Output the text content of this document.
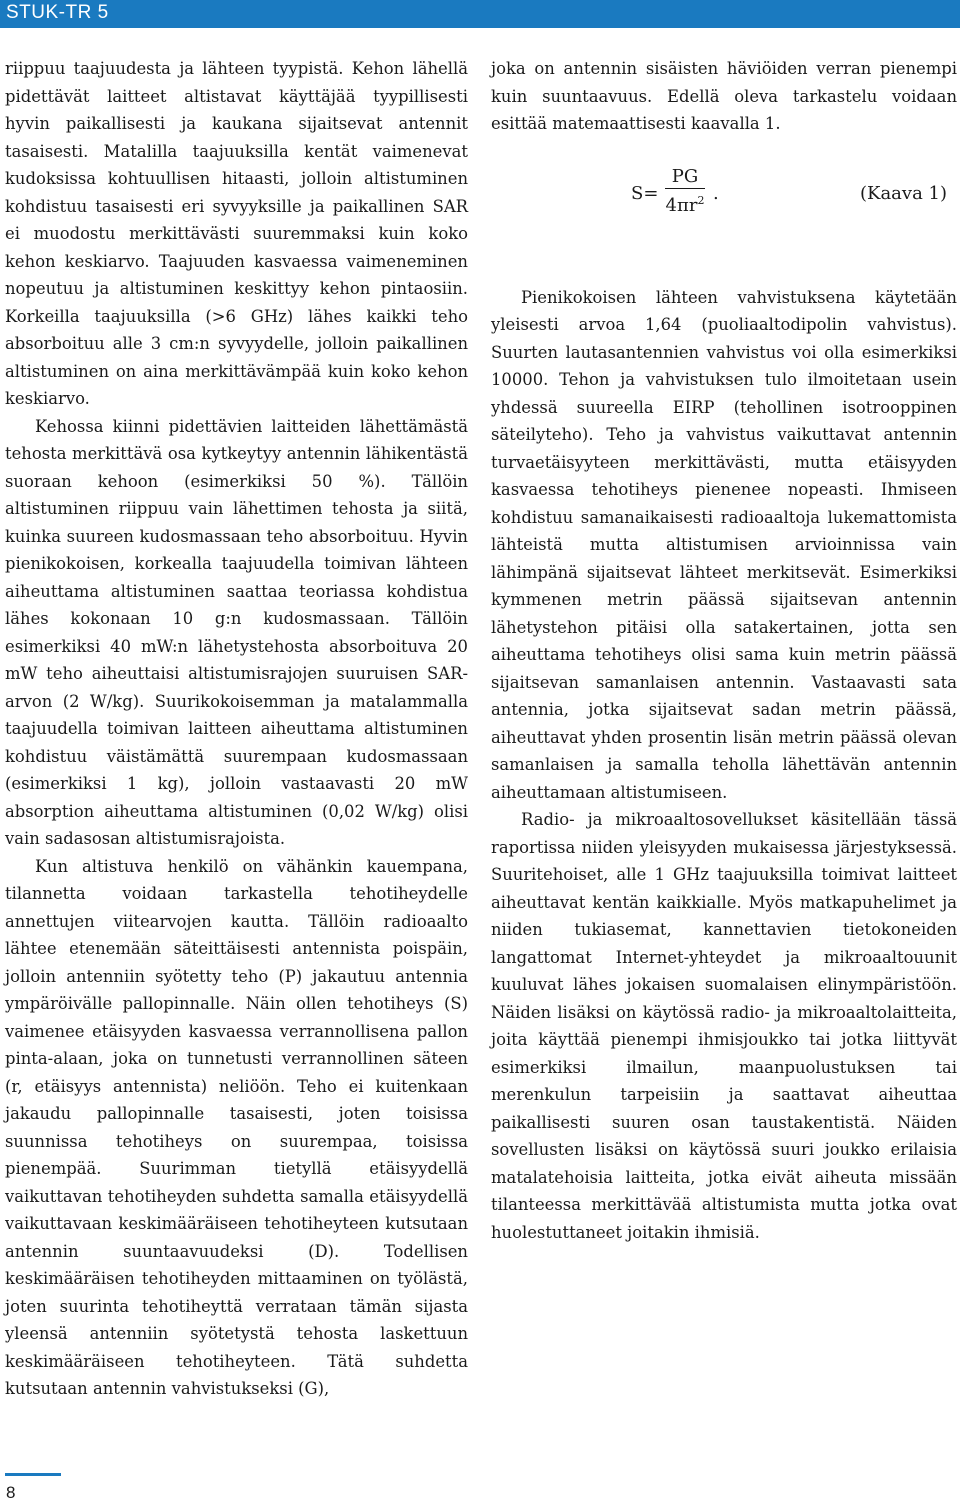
STUK-TR 5

riippuu taajuudesta ja lähteen tyypistä. Kehon lähellä pidettävät laitteet altistavat käyttäjää tyypillisesti hyvin paikallisesti ja kaukana sijaitsevat antennit tasaisesti. Matalilla taajuuksilla kentät vaimenevat kudoksissa kohtuullisen hitaasti, jolloin altistuminen kohdistuu tasaisesti eri syvyyksille ja paikallinen SAR ei muodostu merkittävästi suuremmaksi kuin koko kehon keskiarvo. Taajuuden kasvaessa vaimeneminen nopeutuu ja altistuminen keskittyy kehon pintaosiin. Korkeilla taajuuksilla (>6 GHz) lähes kaikki teho absorboituu alle 3 cm:n syvyydelle, jolloin paikallinen altistuminen on aina merkittävämpää kuin koko kehon keskiarvo.

Kehossa kiinni pidettävien laitteiden lähettämästä tehosta merkittävä osa kytkeytyy antennin lähikentästä suoraan kehoon (esimerkiksi 50 %). Tällöin altistuminen riippuu vain lähettimen tehosta ja siitä, kuinka suureen kudosmassaan teho absorboituu. Hyvin pienikokoisen, korkealla taajuudella toimivan lähteen aiheuttama altistuminen saattaa teoriassa kohdistua lähes kokonaan 10 g:n kudosmassaan. Tällöin esimerkiksi 40 mW:n lähetystehosta absorboituva 20 mW teho aiheuttaisi altistumisrajojen suuruisen SAR-arvon (2 W/kg). Suurikokoisemman ja matalammalla taajuudella toimivan laitteen aiheuttama altistuminen kohdistuu väistämättä suurempaan kudosmassaan (esimerkiksi 1 kg), jolloin vastaavasti 20 mW absorption aiheuttama altistuminen (0,02 W/kg) olisi vain sadasosan altistumisrajoista.

Kun altistuva henkilö on vähänkin kauempana, tilannetta voidaan tarkastella tehotiheydelle annettujen viitearvojen kautta. Tällöin radioaalto lähtee etenemään säteittäisesti antennista poispäin, jolloin antenniin syötetty teho (P) jakautuu antennia ympäröivälle pallopinnalle. Näin ollen tehotiheys (S) vaimenee etäisyyden kasvaessa verrannollisena pallon pinta-alaan, joka on tunnetusti verrannollinen säteen (r, etäisyys antennista) neliöön. Teho ei kuitenkaan jakaudu pallopinnalle tasaisesti, joten toisissa suunnissa tehotiheys on suurempaa, toisissa pienempää. Suurimman tietyllä etäisyydellä vaikuttavan tehotiheyden suhdetta samalla etäisyydellä vaikuttavaan keskimääräiseen tehotiheyteen kutsutaan antennin suuntaavuudeksi (D). Todellisen keskimääräisen tehotiheyden mittaaminen on työlästä, joten suurinta tehotiheyttä verrataan tämän sijasta yleensä antenniin syötetystä tehosta laskettuun keskimääräiseen tehotiheyteen. Tätä suhdetta kutsutaan antennin vahvistukseksi (G),

joka on antennin sisäisten häviöiden verran pienempi kuin suuntaavuus. Edellä oleva tarkastelu voidaan esittää matemaattisesti kaavalla 1.

S=
PG
$4\pi r^2$ .	(Kaava 1)

Pienikokoisen lähteen vahvistuksena käytetään yleisesti arvoa 1,64 (puoliaaltodipolin vahvistus). Suurten lautasantennien vahvistus voi olla esimerkiksi 10000. Tehon ja vahvistuksen tulo ilmoitetaan usein yhdessä suureella EIRP (tehollinen isotrooppinen säteilyteho). Teho ja vahvistus vaikuttavat antennin turvaetäisyyteen merkittävästi, mutta etäisyyden kasvaessa tehotiheys pienenee nopeasti. Ihmiseen kohdistuu samanaikaisesti radioaaltoja lukemattomista lähteistä mutta altistumisen arvioinnissa vain lähimpänä sijaitsevat lähteet merkitsevät. Esimerkiksi kymmenen metrin päässä sijaitsevan antennin lähetystehon pitäisi olla satakertainen, jotta sen aiheuttama tehotiheys olisi sama kuin metrin päässä sijaitsevan samanlaisen antennin. Vastaavasti sata antennia, jotka sijaitsevat sadan metrin päässä, aiheuttavat yhden prosentin lisän metrin päässä olevan samanlaisen ja samalla teholla lähettävän antennin aiheuttamaan altistumiseen.

Radio- ja mikroaaltosovellukset käsitellään tässä raportissa niiden yleisyyden mukaisessa järjestyksessä. Suuritehoiset, alle 1 GHz taajuuksilla toimivat laitteet aiheuttavat kentän kaikkialle. Myös matkapuhelimet ja niiden tukiasemat, kannettavien tietokoneiden langattomat Internet-yhteydet ja mikroaaltouunit kuuluvat lähes jokaisen suomalaisen elinympäristöön. Näiden lisäksi on käytössä radio- ja mikroaaltolaitteita, joita käyttää pienempi ihmisjoukko tai jotka liittyvät esimerkiksi ilmailun, maanpuolustuksen tai merenkulun tarpeisiin ja saattavat aiheuttaa paikallisesti suuren osan taustakentistä. Näiden sovellusten lisäksi on käytössä suuri joukko erilaisia matalatehoisia laitteita, jotka eivät aiheuta missään tilanteessa merkittävää altistumista mutta jotka ovat huolestuttaneet joitakin ihmisiä.

8
